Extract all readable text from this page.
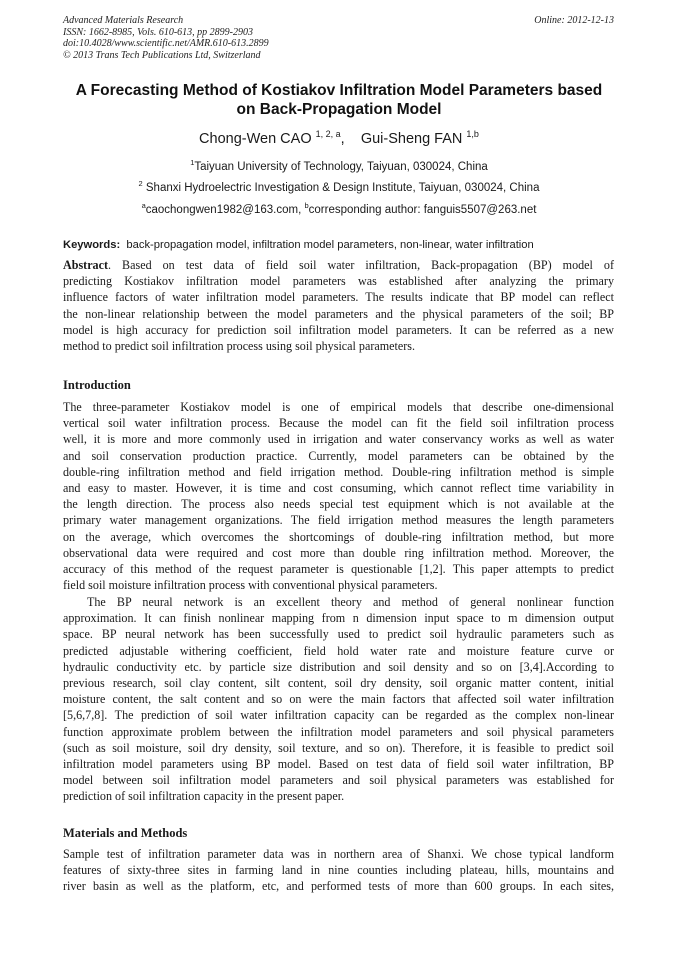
Advanced Materials Research
ISSN: 1662-8985, Vols. 610-613, pp 2899-2903
doi:10.4028/www.scientific.net/AMR.610-613.2899
© 2013 Trans Tech Publications Ltd, Switzerland
Online: 2012-12-13
A Forecasting Method of Kostiakov Infiltration Model Parameters based
on Back-Propagation Model
Chong-Wen CAO $^{1, 2, a}$, Gui-Sheng FAN $^{1,b}$
$^1$Taiyuan University of Technology, Taiyuan, 030024, China
$^2$ Shanxi Hydroelectric Investigation & Design Institute, Taiyuan, 030024, China
$^a$caochongwen1982@163.com, $^b$corresponding author: fanguis5507@263.net
Keywords: back-propagation model, infiltration model parameters, non-linear, water infiltration
Abstract. Based on test data of field soil water infiltration, Back-propagation (BP) model of
predicting Kostiakov infiltration model parameters was established after analyzing the primary
influence factors of water infiltration model parameters. The results indicate that BP model can reflect
the non-linear relationship between the model parameters and the physical parameters of the soil; BP
model is high accuracy for prediction soil infiltration model parameters. It can be referred as a new
method to predict soil infiltration process using soil physical parameters.
Introduction
The three-parameter Kostiakov model is one of empirical models that describe one-dimensional
vertical soil water infiltration process. Because the model can fit the field soil infiltration process
well, it is more and more commonly used in irrigation and water conservancy works as well as water
and soil conservation production practice. Currently, model parameters can be obtained by the
double-ring infiltration method and field irrigation method. Double-ring infiltration method is simple
and easy to master. However, it is time and cost consuming, which cannot reflect time variability in
the length direction. The process also needs special test equipment which is not available at the
primary water management organizations. The field irrigation method measures the length parameters
on the average, which overcomes the shortcomings of double-ring infiltration method, but more
observational data were required and cost more than double ring infiltration method. Moreover, the
accuracy of this method of the request parameter is questionable [1,2]. This paper attempts to predict
field soil moisture infiltration process with conventional physical parameters.
The BP neural network is an excellent theory and method of general nonlinear function
approximation. It can finish nonlinear mapping from n dimension input space to m dimension output
space. BP neural network has been successfully used to predict soil hydraulic parameters such as
predicted adjustable withering coefficient, field hold water rate and moisture feature curve or
hydraulic conductivity etc. by particle size distribution and soil density and so on [3,4].According to
previous research, soil clay content, silt content, soil dry density, soil organic matter content, initial
moisture content, the salt content and so on were the main factors that affected soil water infiltration
[5,6,7,8]. The prediction of soil water infiltration capacity can be regarded as the complex non-linear
function approximate problem between the infiltration model parameters and soil physical parameters
(such as soil moisture, soil dry density, soil texture, and so on). Therefore, it is feasible to predict soil
infiltration model parameters using BP model. Based on test data of field soil water infiltration, BP
model between soil infiltration model parameters and soil physical parameters was established for
prediction of soil infiltration capacity in the present paper.
Materials and Methods
Sample test of infiltration parameter data was in northern area of Shanxi. We chose typical landform
features of sixty-three sites in farming land in nine counties including plateau, hills, mountains and
river basin as well as the platform, etc, and performed tests of more than 600 groups. In each sites,
